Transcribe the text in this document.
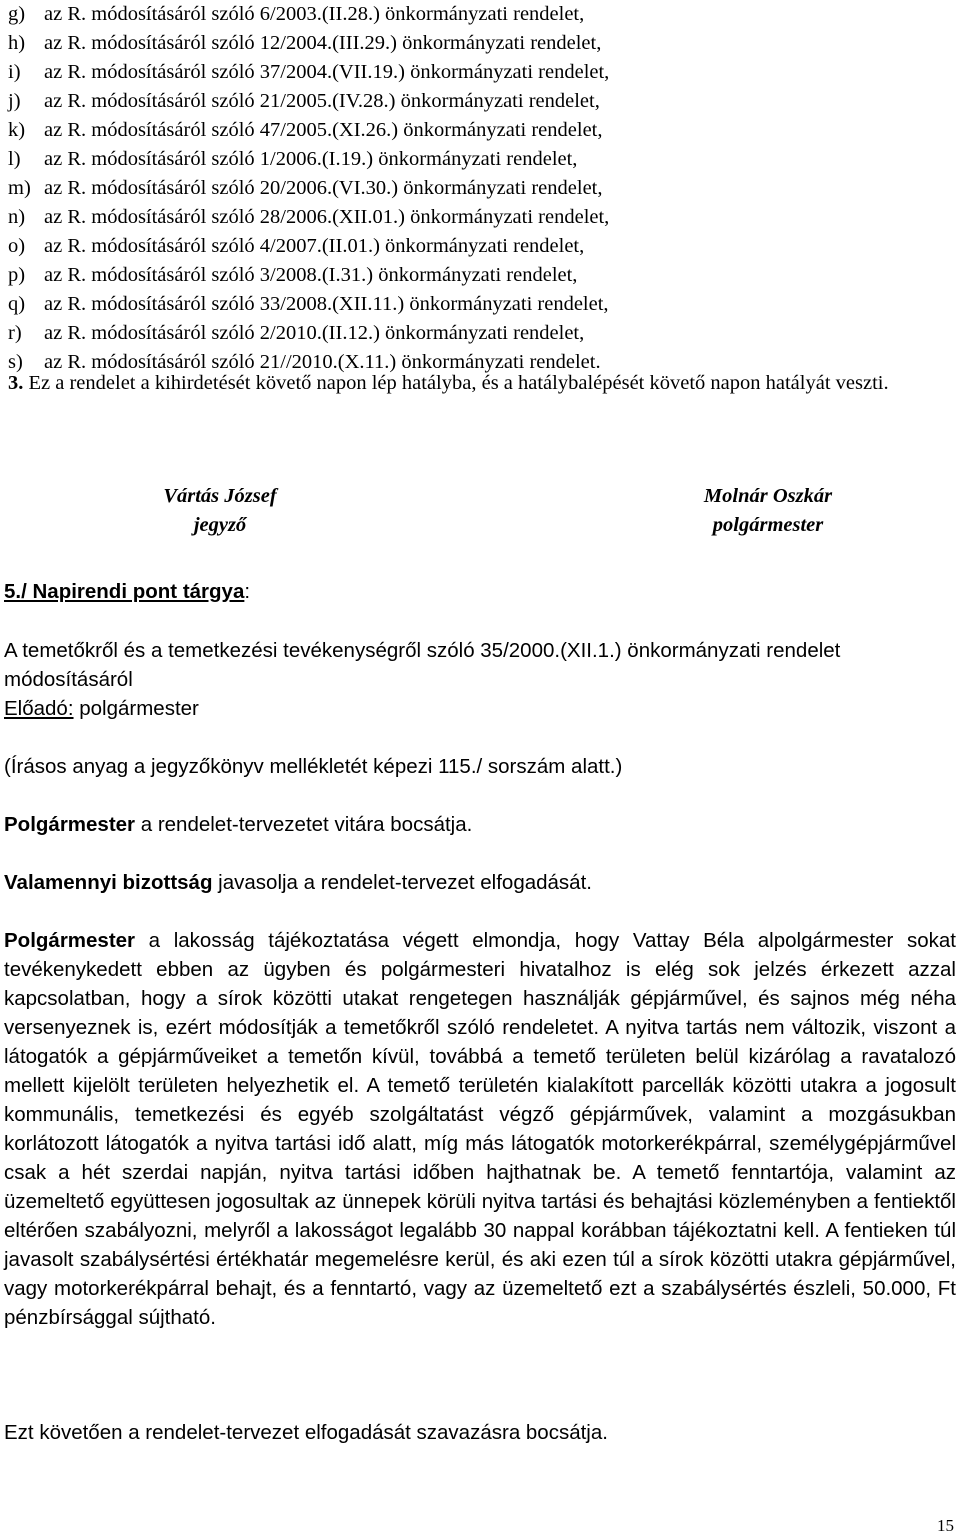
g) az R. módosításáról szóló 6/2003.(II.28.) önkormányzati rendelet,
h) az R. módosításáról szóló 12/2004.(III.29.) önkormányzati rendelet,
i)	az R. módosításáról szóló 37/2004.(VII.19.) önkormányzati rendelet,
j)	az R. módosításáról szóló 21/2005.(IV.28.) önkormányzati rendelet,
k) az R. módosításáról szóló 47/2005.(XI.26.) önkormányzati rendelet,
l)	az R. módosításáról szóló 1/2006.(I.19.) önkormányzati rendelet,
m) az R. módosításáról szóló 20/2006.(VI.30.) önkormányzati rendelet,
n) az R. módosításáról szóló 28/2006.(XII.01.) önkormányzati rendelet,
o) az R. módosításáról szóló 4/2007.(II.01.) önkormányzati rendelet,
p) az R. módosításáról szóló 3/2008.(I.31.) önkormányzati rendelet,
q) az R. módosításáról szóló 33/2008.(XII.11.) önkormányzati rendelet,
r)	az R. módosításáról szóló 2/2010.(II.12.) önkormányzati rendelet,
s)	az R. módosításáról szóló 21//2010.(X.11.) önkormányzati rendelet.
3. Ez a rendelet a kihirdetését követő napon lép hatályba, és a hatálybalépését követő napon hatályát veszti.
Vártás József
jegyző
Molnár Oszkár
polgármester
5./ Napirendi pont tárgya:
A temetőkről és a temetkezési tevékenységről szóló 35/2000.(XII.1.) önkormányzati rendelet módosításáról
Előadó: polgármester
(Írásos anyag a jegyzőkönyv mellékletét képezi 115./ sorszám alatt.)
Polgármester a rendelet-tervezetet vitára bocsátja.
Valamennyi bizottság javasolja a rendelet-tervezet elfogadását.
Polgármester a lakosság tájékoztatása végett elmondja, hogy Vattay Béla alpolgármester sokat tevékenykedett ebben az ügyben és polgármesteri hivatalhoz is elég sok jelzés érkezett azzal kapcsolatban, hogy a sírok közötti utakat rengetegen használják gépjárművel, és sajnos még néha versenyeznek is, ezért módosítják a temetőkről szóló rendeletet. A nyitva tartás nem változik, viszont a látogatók a gépjárműveiket a temetőn kívül, továbbá a temető területen belül kizárólag a ravatalozó mellett kijelölt területen helyezhetik el. A temető területén kialakított parcellák közötti utakra a jogosult kommunális, temetkezési és egyéb szolgáltatást végző gépjárművek, valamint a mozgásukban korlátozott látogatók a nyitva tartási idő alatt, míg más látogatók motorkerékpárral, személygépjárművel csak a hét szerdai napján, nyitva tartási időben hajthatnak be. A temető fenntartója, valamint az üzemeltető együttesen jogosultak az ünnepek körüli nyitva tartási és behajtási közleményben a fentiektől eltérően szabályozni, melyről a lakosságot legalább 30 nappal korábban tájékoztatni kell. A fentieken túl javasolt szabálysértési értékhatár megemelésre kerül, és aki ezen túl a sírok közötti utakra gépjárművel, vagy motorkerékpárral behajt, és a fenntartó, vagy az üzemeltető ezt a szabálysértés észleli, 50.000, Ft pénzbírsággal sújtható.
Ezt követően a rendelet-tervezet elfogadását szavazásra bocsátja.
15
